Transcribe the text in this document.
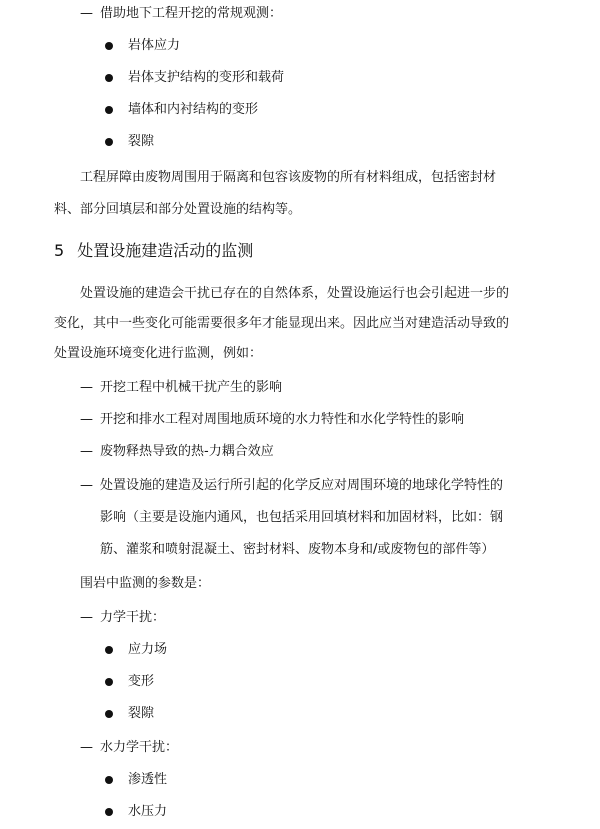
— 借助地下工程开挖的常规观测：
岩体应力
岩体支护结构的变形和载荷
墙体和内衬结构的变形
裂隙
工程屏障由废物周围用于隔离和包容该废物的所有材料组成，包括密封材
料、部分回填层和部分处置设施的结构等。
5 处置设施建造活动的监测
处置设施的建造会干扰已存在的自然体系，处置设施运行也会引起进一步的
变化，其中一些变化可能需要很多年才能显现出来。因此应当对建造活动导致的
处置设施环境变化进行监测，例如：
— 开挖工程中机械干扰产生的影响
— 开挖和排水工程对周围地质环境的水力特性和水化学特性的影响
— 废物释热导致的热-力耦合效应
— 处置设施的建造及运行所引起的化学反应对周围环境的地球化学特性的
影响（主要是设施内通风，也包括采用回填材料和加固材料，比如：钢
筋、灌浆和喷射混凝土、密封材料、废物本身和/或废物包的部件等）
围岩中监测的参数是：
— 力学干扰：
应力场
变形
裂隙
— 水力学干扰：
渗透性
水压力
